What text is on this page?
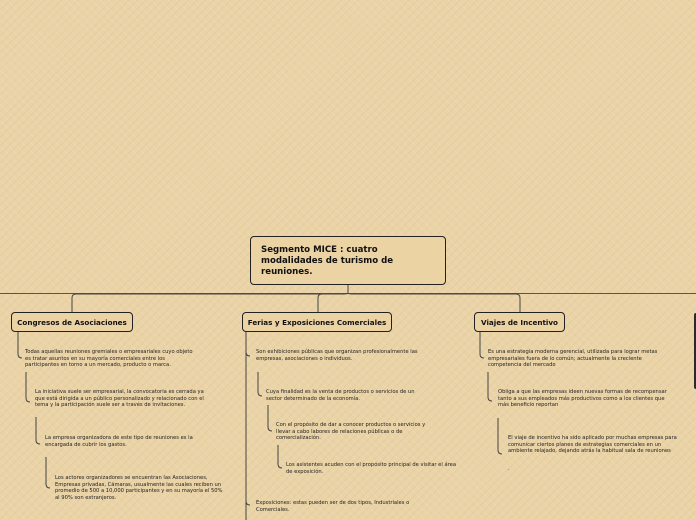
Segmento MICE : cuatro modalidades de turismo de reuniones.
Congresos de Asociaciones	Ferias y Exposiciones Comerciales	Viajes de Incentivo
Todas aquellas reuniones gremiales o empresariales cuyo objeto es tratar asuntos en su mayoría comerciales entre los participantes en torno a un mercado, producto o marca.
La iniciativa suele ser empresarial, la convocatoria es cerrada ya que está dirigida a un público personalizado y relacionado con el tema y la participación suele ser a través de invitaciones.
La empresa organizadora de este tipo de reuniones es la encargada de cubrir los gastos.
Los actores organizadores se encuentran las Asociaciones, Empresas privadas, Cámaras, usualmente las cuales reciben un promedio de 500 a 10,000 participantes y en su mayoría el 50% al 90% son extranjeros.
Son exhibiciones públicas que organizan profesionalmente las empresas, asociaciones o individuos.
Cuya finalidad es la venta de productos o servicios de un sector determinado de la economía.
Con el propósito de dar a conocer productos o servicios y llevar a cabo labores de relaciones públicas o de comercialización.
Los asistentes acuden con el propósito principal de visitar el área de exposición.
Exposiciones: estas pueden ser de dos tipos, Industriales o Comerciales.
Es una estrategia moderna gerencial, utilizada para lograr metas empresariales fuera de lo común; actualmente la creciente competencia del mercado
Obliga a que las empresas ideen nuevas formas de recompensar tanto a sus empleados más productivos como a los clientes que más beneficio reportan
El viaje de incentivo ha sido aplicado por muchas empresas para comunicar ciertos planes de estrategias comerciales en un ambiente relajado, dejando atrás la habitual sala de reuniones
.
